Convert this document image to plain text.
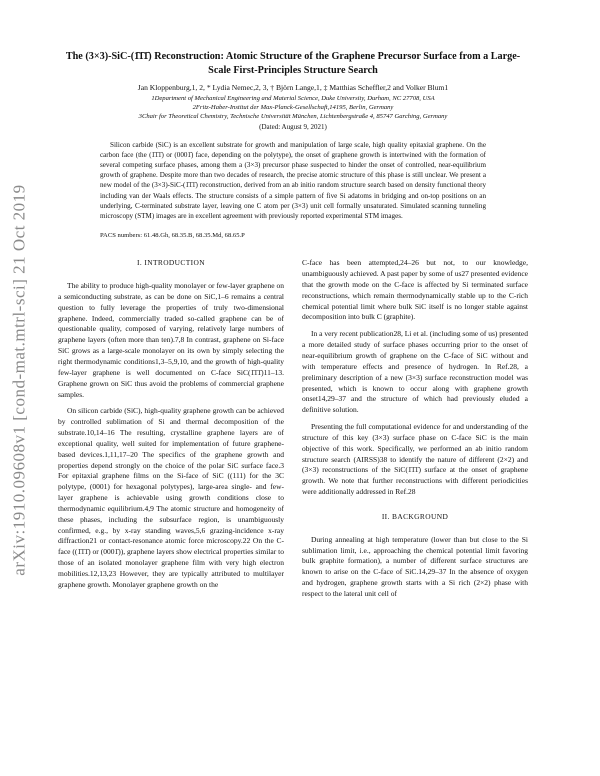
arXiv:1910.09608v1 [cond-mat.mtrl-sci] 21 Oct 2019
The (3×3)-SiC-(1̄1̄1̄) Reconstruction: Atomic Structure of the Graphene Precursor Surface from a Large-Scale First-Principles Structure Search
Jan Kloppenburg,1, 2, * Lydia Nemec,2, 3, † Björn Lange,1, ‡ Matthias Scheffler,2 and Volker Blum1
1Department of Mechanical Engineering and Material Science, Duke University, Durham, NC 27708, USA
2Fritz-Haber-Institut der Max-Planck-Gesellschaft,14195, Berlin, Germany
3Chair for Theoretical Chemistry, Technische Universität München, Lichtenbergstraße 4, 85747 Garching, Germany
(Dated: August 9, 2021)

Silicon carbide (SiC) is an excellent substrate for growth and manipulation of large scale, high quality epitaxial graphene. On the carbon face (the (1̄1̄1̄) or (0001̄) face, depending on the polytype), the onset of graphene growth is intertwined with the formation of several competing surface phases, among them a (3×3) precursor phase suspected to hinder the onset of controlled, near-equilibrium growth of graphene. Despite more than two decades of research, the precise atomic structure of this phase is still unclear. We present a new model of the (3×3)-SiC-(1̄1̄1̄) reconstruction, derived from an ab initio random structure search based on density functional theory including van der Waals effects. The structure consists of a simple pattern of five Si adatoms in bridging and on-top positions on an underlying, C-terminated substrate layer, leaving one C atom per (3×3) unit cell formally unsaturated. Simulated scanning tunneling microscopy (STM) images are in excellent agreement with previously reported experimental STM images.

PACS numbers: 61.48.Gh, 68.35.B, 68.35.Md, 68.65.P
I. INTRODUCTION

The ability to produce high-quality monolayer or few-layer graphene on a semiconducting substrate, as can be done on SiC,1–6 remains a central question to fully leverage the properties of truly two-dimensional graphene. Indeed, commercially traded so-called graphene can be of questionable quality, composed of varying, relatively large numbers of graphene layers (often more than ten).7,8 In contrast, graphene on Si-face SiC grows as a large-scale monolayer on its own by simply selecting the right thermodynamic conditions1,3–5,9,10, and the growth of high-quality few-layer graphene is well documented on C-face SiC(1̄1̄1̄)11–13. Graphene grown on SiC thus avoid the problems of commercial graphene samples.

On silicon carbide (SiC), high-quality graphene growth can be achieved by controlled sublimation of Si and thermal decomposition of the substrate.10,14–16 The resulting, crystalline graphene layers are of exceptional quality, well suited for implementation of future graphene-based devices.1,11,17–20 The specifics of the graphene growth and properties depend strongly on the choice of the polar SiC surface face.3 For epitaxial graphene films on the Si-face of SiC ((111) for the 3C polytype, (0001) for hexagonal polytypes), large-area single- and few-layer graphene is achievable using growth conditions close to thermodynamic equilibrium.4,9 The atomic structure and homogeneity of these phases, including the subsurface region, is unambiguously confirmed, e.g., by x-ray standing waves,5,6 grazing-incidence x-ray diffraction21 or contact-resonance atomic force microscopy.22 On the C-face ((1̄1̄1̄) or (0001̄)), graphene layers show electrical properties similar to those of an isolated monolayer graphene film with very high electron mobilities.12,13,23 However, they are typically attributed to multilayer graphene growth. Monolayer graphene growth on the

C-face has been attempted,24–26 but not, to our knowledge, unambiguously achieved. A past paper by some of us27 presented evidence that the growth mode on the C-face is affected by Si terminated surface reconstructions, which remain thermodynamically stable up to the C-rich chemical potential limit where bulk SiC itself is no longer stable against decomposition into bulk C (graphite).

In a very recent publication28, Li et al. (including some of us) presented a more detailed study of surface phases occurring prior to the onset of near-equilibrium growth of graphene on the C-face of SiC without and with temperature effects and presence of hydrogen. In Ref.28, a preliminary description of a new (3×3) surface reconstruction model was presented, which is known to occur along with graphene growth onset14,29–37 and the structure of which had previously eluded a definitive solution.

Presenting the full computational evidence for and understanding of the structure of this key (3×3) surface phase on C-face SiC is the main objective of this work. Specifically, we performed an ab initio random structure search (AIRSS)38 to identify the nature of different (2×2) and (3×3) reconstructions of the SiC(1̄1̄1̄) surface at the onset of graphene growth. We note that further reconstructions with different periodicities were additionally addressed in Ref.28

II. BACKGROUND

During annealing at high temperature (lower than but close to the Si sublimation limit, i.e., approaching the chemical potential limit favoring bulk graphite formation), a number of different surface structures are known to arise on the C-face of SiC.14,29–37 In the absence of oxygen and hydrogen, graphene growth starts with a Si rich (2×2) phase with respect to the lateral unit cell of
